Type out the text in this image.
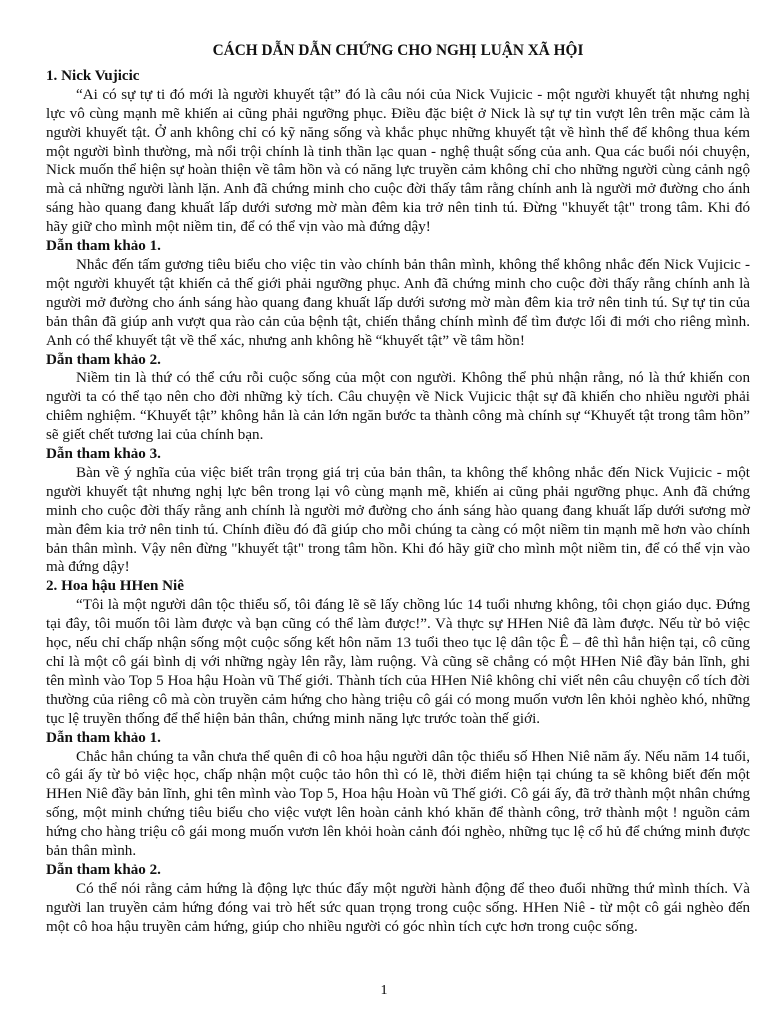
CÁCH DẪN DẪN CHỨNG CHO NGHỊ LUẬN XÃ HỘI
1. Nick Vujicic

“Ai có sự tự ti đó mới là người khuyết tật” đó là câu nói của Nick Vujicic - một người khuyết tật nhưng nghị lực vô cùng mạnh mẽ khiến ai cũng phải ngưỡng phục. Điều đặc biệt ở Nick là sự tự tin vượt lên trên mặc cảm là người khuyết tật. Ở anh không chỉ có kỹ năng sống và khắc phục những khuyết tật về hình thể để không thua kém một người bình thường, mà nổi trội chính là tinh thần lạc quan - nghệ thuật sống của anh. Qua các buổi nói chuyện, Nick muốn thể hiện sự hoàn thiện về tâm hồn và có năng lực truyền cảm không chỉ cho những người cùng cảnh ngộ mà cả những người lành lặn. Anh đã chứng minh cho cuộc đời thấy tâm rằng chính anh là người mở đường cho ánh sáng hào quang đang khuất lấp dưới sương mờ màn đêm kia trở nên tinh tú. Đừng "khuyết tật" trong tâm. Khi đó hãy giữ cho mình một niềm tin, để có thể vịn vào mà đứng dậy!

Dẫn tham khảo 1.

Nhắc đến tấm gương tiêu biểu cho việc tin vào chính bản thân mình, không thể không nhắc đến Nick Vujicic - một người khuyết tật khiến cả thế giới phải ngưỡng phục. Anh đã chứng minh cho cuộc đời thấy rằng chính anh là người mở đường cho ánh sáng hào quang đang khuất lấp dưới sương mờ màn đêm kia trở nên tinh tú. Sự tự tin của bản thân đã giúp anh vượt qua rào cản của bệnh tật, chiến thắng chính mình để tìm được lối đi mới cho riêng mình. Anh có thể khuyết tật về thể xác, nhưng anh không hề “khuyết tật” về tâm hồn!

Dẫn tham khảo 2.

Niềm tin là thứ có thể cứu rỗi cuộc sống của một con người. Không thể phủ nhận rằng, nó là thứ khiến con người ta có thể tạo nên cho đời những kỳ tích. Câu chuyện về Nick Vujicic thật sự đã khiến cho nhiều người phải chiêm nghiệm. “Khuyết tật” không hẳn là cản lớn ngăn bước ta thành công mà chính sự “Khuyết tật trong tâm hồn” sẽ giết chết tương lai của chính bạn.

Dẫn tham khảo 3.

Bàn về ý nghĩa của việc biết trân trọng giá trị của bản thân, ta không thể không nhắc đến Nick Vujicic - một người khuyết tật nhưng nghị lực bên trong lại vô cùng mạnh mẽ, khiến ai cũng phải ngưỡng phục. Anh đã chứng minh cho cuộc đời thấy rằng anh chính là người mở đường cho ánh sáng hào quang đang khuất lấp dưới sương mờ màn đêm kia trở nên tinh tú. Chính điều đó đã giúp cho mỗi chúng ta càng có một niềm tin mạnh mẽ hơn vào chính bản thân mình. Vậy nên đừng "khuyết tật" trong tâm hồn. Khi đó hãy giữ cho mình một niềm tin, để có thể vịn vào mà đứng dậy!

2. Hoa hậu HHen Niê

“Tôi là một người dân tộc thiểu số, tôi đáng lẽ sẽ lấy chồng lúc 14 tuổi nhưng không, tôi chọn giáo dục. Đứng tại đây, tôi muốn tôi làm được và bạn cũng có thể làm được!”. Và thực sự HHen Niê đã làm được. Nếu từ bỏ việc học, nếu chỉ chấp nhận sống một cuộc sống kết hôn năm 13 tuổi theo tục lệ dân tộc Ê – đê thì hẳn hiện tại, cô cũng chỉ là một cô gái bình dị với những ngày lên rẫy, làm ruộng. Và cũng sẽ chẳng có một HHen Niê đầy bản lĩnh, ghi tên mình vào Top 5 Hoa hậu Hoàn vũ Thế giới. Thành tích của HHen Niê không chỉ viết nên câu chuyện cổ tích đời thường của riêng cô mà còn truyền cảm hứng cho hàng triệu cô gái có mong muốn vươn lên khỏi nghèo khó, những tục lệ truyền thống để thể hiện bản thân, chứng minh năng lực trước toàn thế giới.

Dẫn tham khảo 1.

Chắc hẳn chúng ta vẫn chưa thể quên đi cô hoa hậu người dân tộc thiểu số Hhen Niê năm ấy. Nếu năm 14 tuổi, cô gái ấy từ bỏ việc học, chấp nhận một cuộc tảo hôn thì có lẽ, thời điểm hiện tại chúng ta sẽ không biết đến một HHen Niê đầy bản lĩnh, ghi tên mình vào Top 5, Hoa hậu Hoàn vũ Thế giới. Cô gái ấy, đã trở thành một nhân chứng sống, một minh chứng tiêu biểu cho việc vượt lên hoàn cảnh khó khăn để thành công, trở thành một ! nguồn cảm hứng cho hàng triệu cô gái mong muốn vươn lên khỏi hoàn cảnh đói nghèo, những tục lệ cổ hủ để chứng minh được bản thân mình.

Dẫn tham khảo 2.

Có thể nói rằng cảm hứng là động lực thúc đẩy một người hành động để theo đuổi những thứ mình thích. Và người lan truyền cảm hứng đóng vai trò hết sức quan trọng trong cuộc sống. HHen Niê - từ một cô gái nghèo đến một cô hoa hậu truyền cảm hứng, giúp cho nhiều người có góc nhìn tích cực hơn trong cuộc sống.

1
